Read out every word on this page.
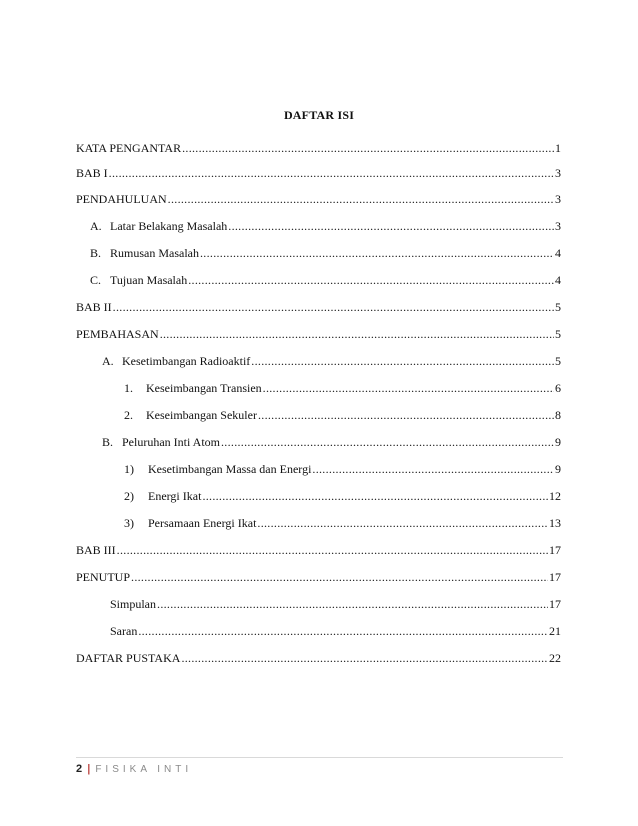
DAFTAR ISI
KATA PENGANTAR .....	1
BAB I .....	3
PENDAHULUAN .....	3
A. Latar Belakang Masalah .....	3
B. Rumusan Masalah .....	4
C. Tujuan Masalah .....	4
BAB II .....	5
PEMBAHASAN .....	5
A. Kesetimbangan Radioaktif .....	5
1.	Keseimbangan Transien .....	6
2.	Keseimbangan Sekuler .....	8
B. Peluruhan Inti Atom .....	9
1)	Kesetimbangan Massa dan Energi .....	9
2)	Energi Ikat .....	12
3)	Persamaan Energi Ikat .....	13
BAB III .....	17
PENUTUP .....	17
Simpulan .....	17
Saran .....	21
DAFTAR PUSTAKA .....	22
2 | FISIKA INTI
